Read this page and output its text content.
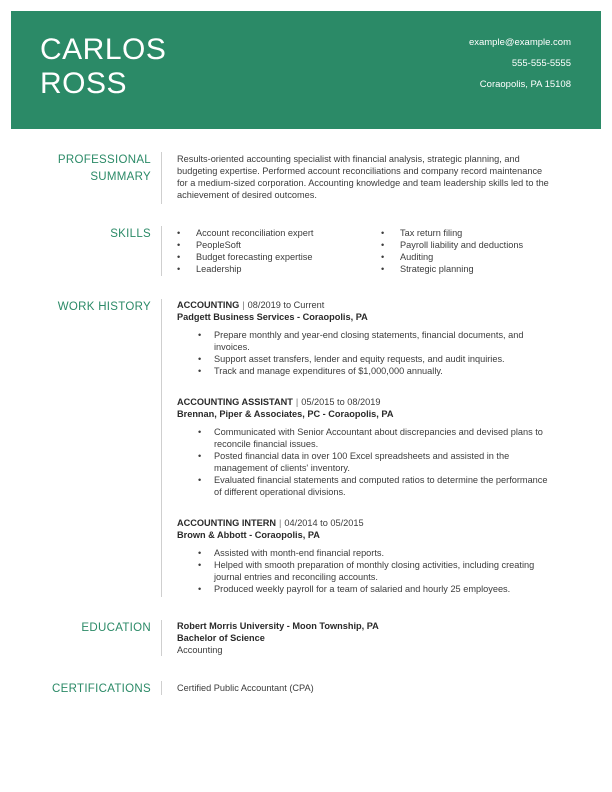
CARLOS
ROSS
example@example.com
555-555-5555
Coraopolis, PA 15108
PROFESSIONAL
SUMMARY

Results-oriented accounting specialist with financial analysis, strategic planning, and

budgeting expertise. Performed account reconciliations and company record maintenance

for a medium-sized corporation. Accounting knowledge and team leadership skills led to the

achievement of desired outcomes.

SKILLS	• Account reconciliation expert
• PeopleSoft
• Budget forecasting expertise
• Leadership
• Tax return filing
• Payroll liability and deductions
• Auditing
• Strategic planning
WORK HISTORY	ACCOUNTING | 08/2019 to Current
Padgett Business Services - Coraopolis, PA
• Prepare monthly and year-end closing statements, financial documents, and
invoices.
• Support asset transfers, lender and equity requests, and audit inquiries.
• Track and manage expenditures of $1,000,000 annually.
ACCOUNTING ASSISTANT | 05/2015 to 08/2019
Brennan, Piper & Associates, PC - Coraopolis, PA
• Communicated with Senior Accountant about discrepancies and devised plans to
reconcile financial issues.
• Posted financial data in over 100 Excel spreadsheets and assisted in the
management of clients' inventory.
• Evaluated financial statements and computed ratios to determine the performance
of different operational divisions.
ACCOUNTING INTERN | 04/2014 to 05/2015
Brown & Abbott - Coraopolis, PA
• Assisted with month-end financial reports.
• Helped with smooth preparation of monthly closing activities, including creating
journal entries and reconciling accounts.
• Produced weekly payroll for a team of salaried and hourly 25 employees.
EDUCATION	Robert Morris University - Moon Township, PA
Bachelor of Science
Accounting
CERTIFICATIONS	Certified Public Accountant (CPA)
